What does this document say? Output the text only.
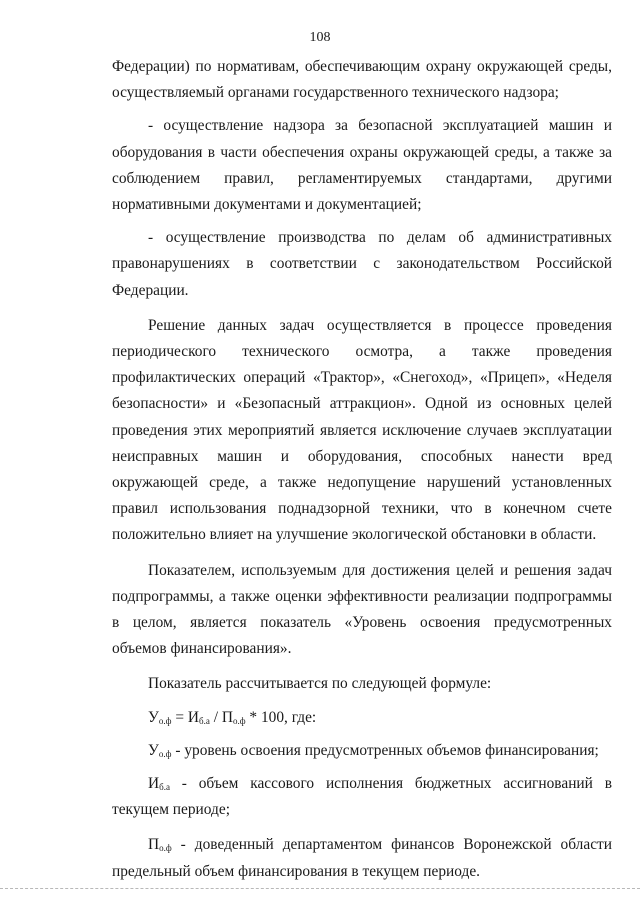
108

Федерации) по нормативам, обеспечивающим охрану окружающей среды, осуществляемый органами государственного технического надзора;

- осуществление надзора за безопасной эксплуатацией машин и оборудования в части обеспечения охраны окружающей среды, а также за соблюдением правил, регламентируемых стандартами, другими нормативными документами и документацией;

- осуществление производства по делам об административных правонарушениях в соответствии с законодательством Российской Федерации.

Решение данных задач осуществляется в процессе проведения периодического технического осмотра, а также проведения профилактических операций «Трактор», «Снегоход», «Прицеп», «Неделя безопасности» и «Безопасный аттракцион». Одной из основных целей проведения этих мероприятий является исключение случаев эксплуатации неисправных машин и оборудования, способных нанести вред окружающей среде, а также недопущение нарушений установленных правил использования поднадзорной техники, что в конечном счете положительно влияет на улучшение экологической обстановки в области.

Показателем, используемым для достижения целей и решения задач подпрограммы, а также оценки эффективности реализации подпрограммы в целом, является показатель «Уровень освоения предусмотренных объемов финансирования».

Показатель рассчитывается по следующей формуле:

$У_{о.ф} = И_{б.а} / П_{о.ф} * 100$, где:

$У_{о.ф}$ - уровень освоения предусмотренных объемов финансирования;

$И_{б.а}$ - объем кассового исполнения бюджетных ассигнований в текущем периоде;

$П_{о.ф}$ - доведенный департаментом финансов Воронежской области предельный объем финансирования в текущем периоде.
